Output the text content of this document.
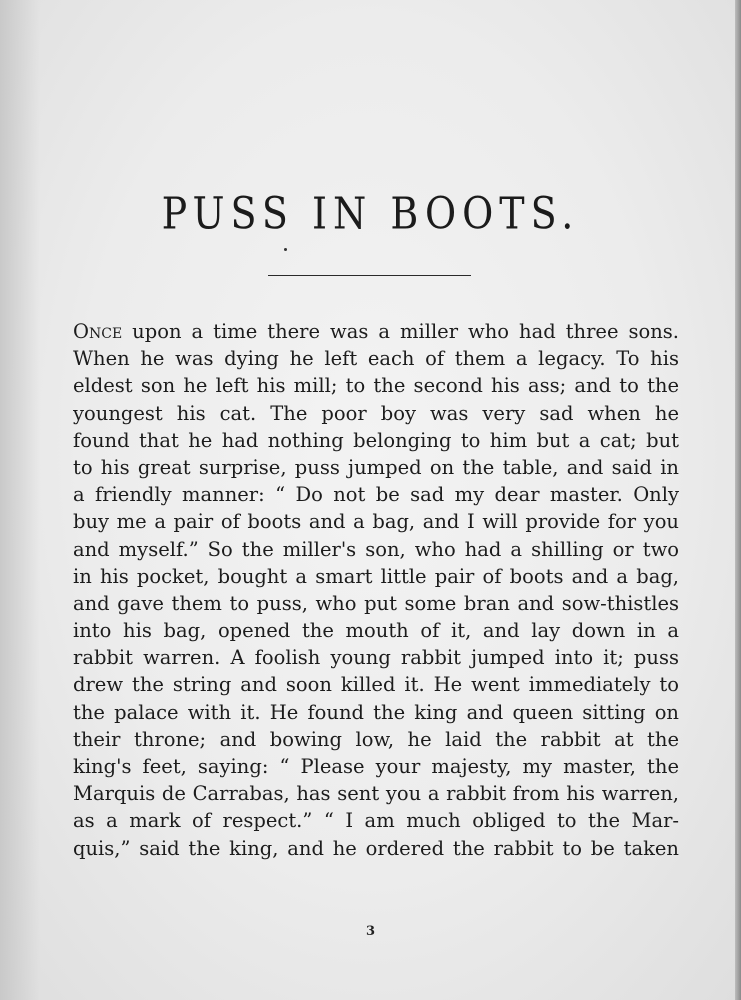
PUSS IN BOOTS.
Once upon a time there was a miller who had three sons.
When he was dying he left each of them a legacy. To his
eldest son he left his mill; to the second his ass; and to the
youngest his cat. The poor boy was very sad when he
found that he had nothing belonging to him but a cat; but
to his great surprise, puss jumped on the table, and said in
a friendly manner: “ Do not be sad my dear master. Only
buy me a pair of boots and a bag, and I will provide for you
and myself.” So the miller's son, who had a shilling or two
in his pocket, bought a smart little pair of boots and a bag,
and gave them to puss, who put some bran and sow-thistles
into his bag, opened the mouth of it, and lay down in a
rabbit warren. A foolish young rabbit jumped into it; puss
drew the string and soon killed it. He went immediately to
the palace with it. He found the king and queen sitting on
their throne; and bowing low, he laid the rabbit at the
king's feet, saying: “ Please your majesty, my master, the
Marquis de Carrabas, has sent you a rabbit from his warren,
as a mark of respect.” “ I am much obliged to the Mar-
quis,” said the king, and he ordered the rabbit to be taken
3
